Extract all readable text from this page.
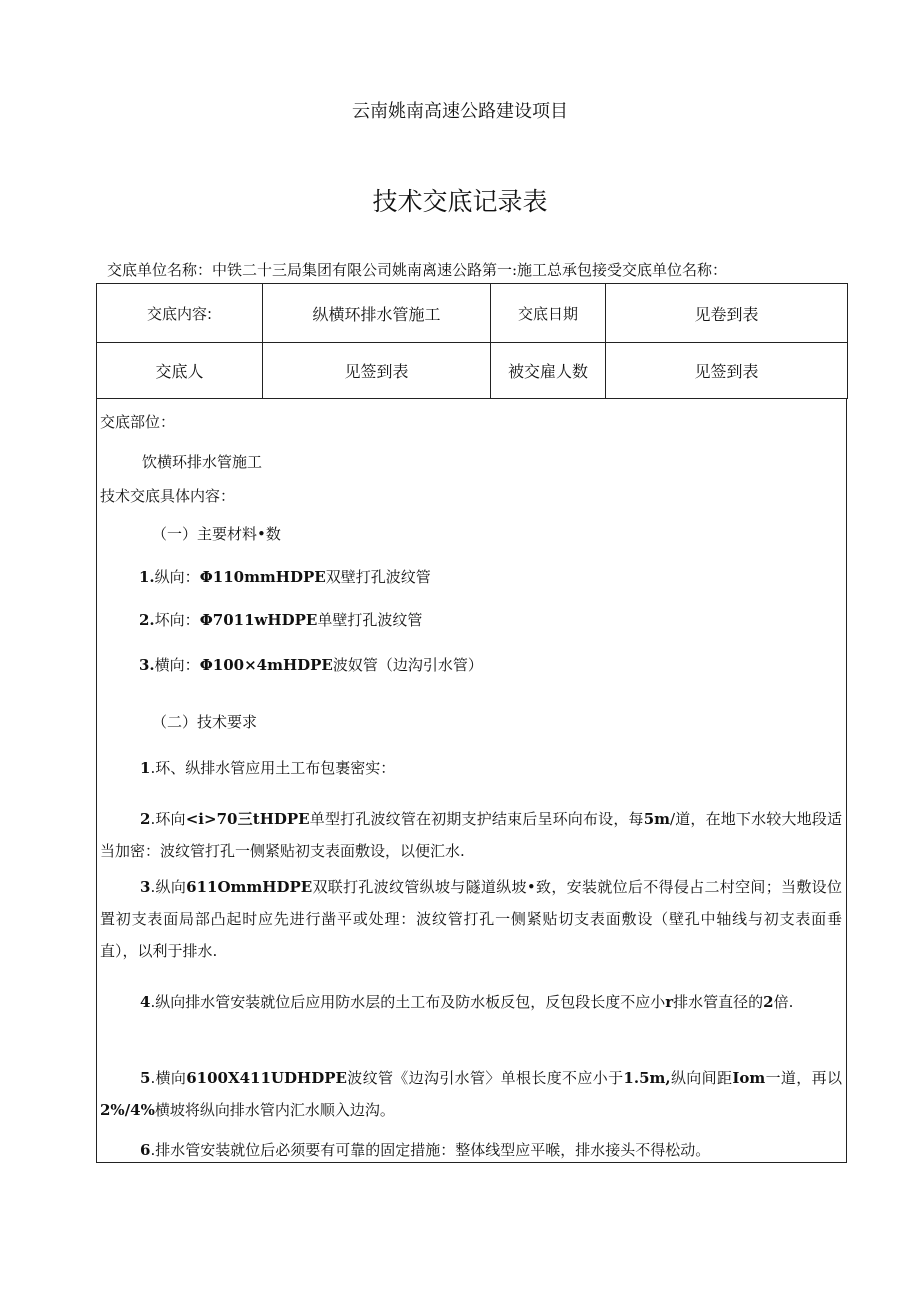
云南姚南高速公路建设项目
技术交底记录表
交底单位名称：中铁二十三局集团有限公司姚南离速公路第一:施工总承包接受交底单位名称：
交底内容:	纵横环排水管施工	交底日期	见卷到表
交底人	见签到表	被交雇人数	见签到表
交底部位：
饮横环排水管施工
技术交底具体内容：
（一）主要材料•数
1.纵向：Φ110mmHDPE双壁打孔波纹管
2.坏向：Φ7011wHDPE单壁打孔波纹管
3.横向：Φ100×4mHDPE波奴管（边沟引水管）
（二）技术要求
1.环、纵排水管应用土工布包裹密实：
2.环向<i>70三tHDPE单型打孔波纹管在初期支护结束后呈环向布设，每5m/道，在地下水较大地段适当加密：波纹管打孔一侧紧贴初支表面敷设，以便汇水.
3.纵向611OmmHDPE双联打孔波纹管纵坡与隧道纵坡•致，安装就位后不得侵占二村空间；当敷设位置初支表面局部凸起时应先进行凿平或处理：波纹管打孔一侧紧贴切支表面敷设（壁孔中轴线与初支表面垂直），以利于排水.
4.纵向排水管安装就位后应用防水层的土工布及防水板反包，反包段长度不应小r排水管直径的2倍.
5.横向6100X411UDHDPE波纹管《边沟引水管〉单根长度不应小于1.5m,纵向间距Iom一道，再以2%/4%横坡将纵向排水管内汇水顺入边沟。
6.排水管安装就位后必须要有可靠的固定措施：整体线型应平喉，排水接头不得松动。
